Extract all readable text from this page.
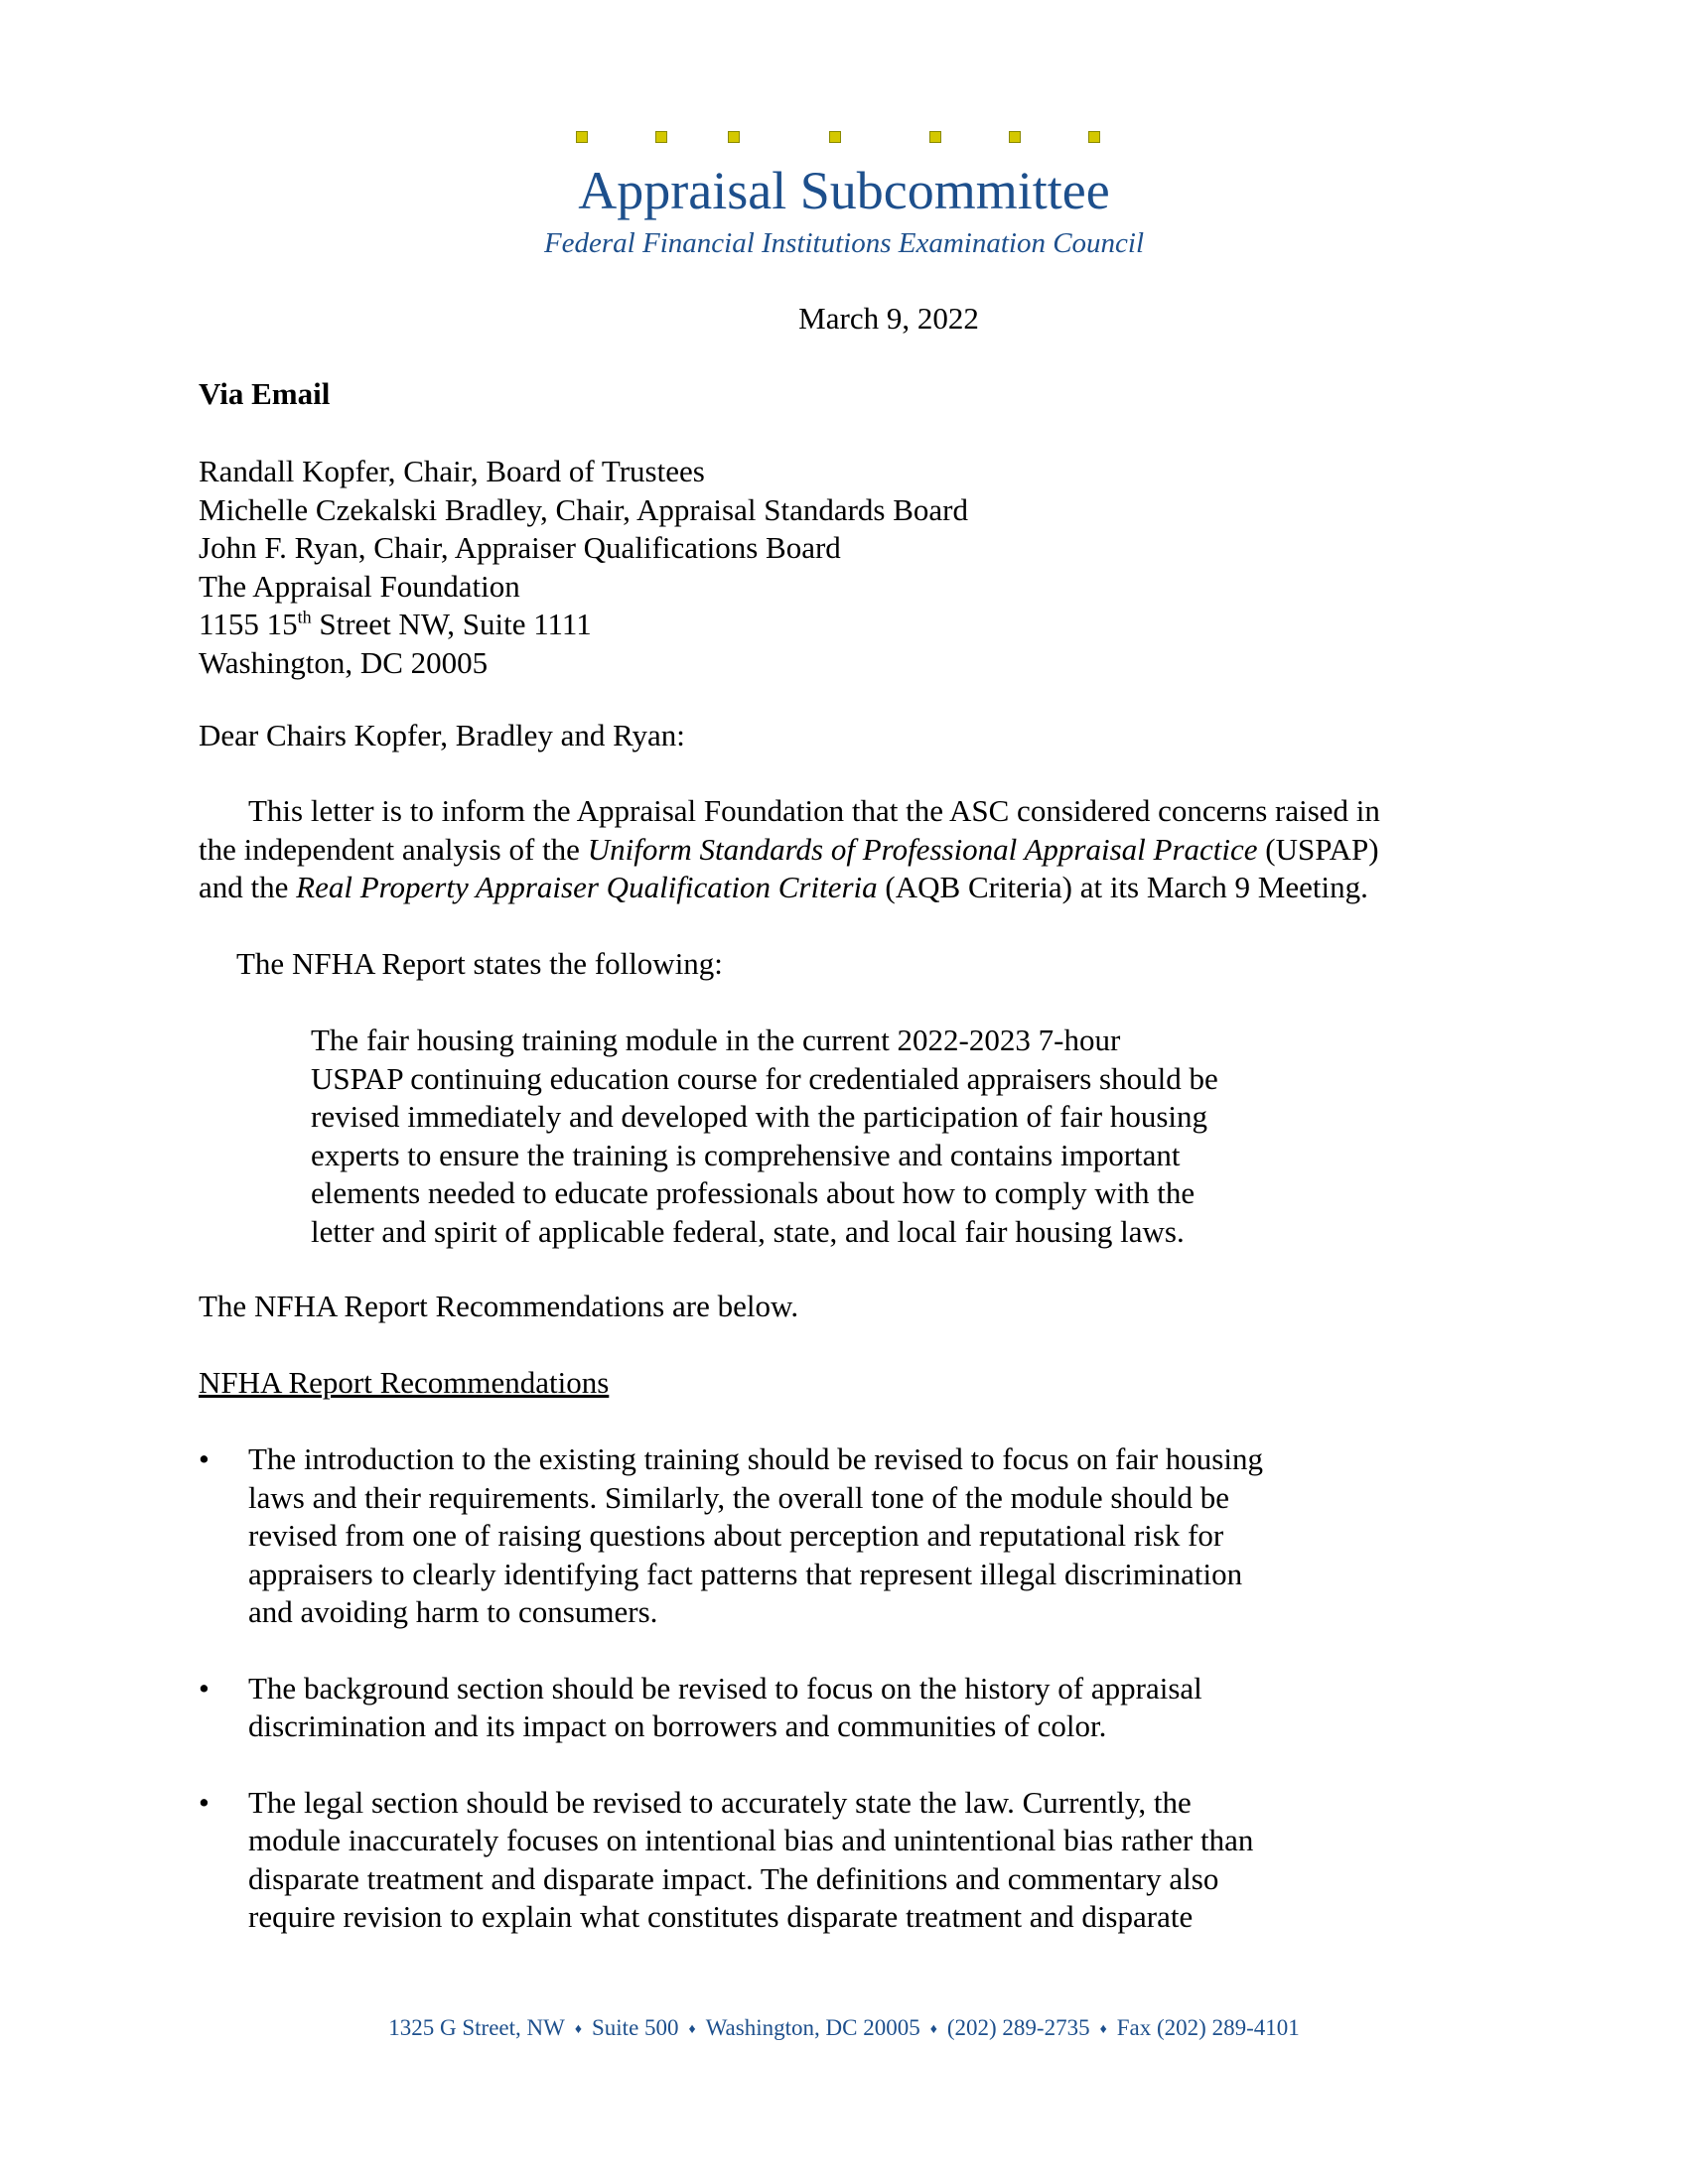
Appraisal Subcommittee
Federal Financial Institutions Examination Council
March 9, 2022
Via Email
Randall Kopfer, Chair, Board of Trustees
Michelle Czekalski Bradley, Chair, Appraisal Standards Board
John F. Ryan, Chair, Appraiser Qualifications Board
The Appraisal Foundation
1155 15th Street NW, Suite 1111
Washington, DC 20005
Dear Chairs Kopfer, Bradley and Ryan:
This letter is to inform the Appraisal Foundation that the ASC considered concerns raised in
the independent analysis of the Uniform Standards of Professional Appraisal Practice (USPAP)
and the Real Property Appraiser Qualification Criteria (AQB Criteria) at its March 9 Meeting.
The NFHA Report states the following:
The fair housing training module in the current 2022-2023 7-hour
USPAP continuing education course for credentialed appraisers should be
revised immediately and developed with the participation of fair housing
experts to ensure the training is comprehensive and contains important
elements needed to educate professionals about how to comply with the
letter and spirit of applicable federal, state, and local fair housing laws.
The NFHA Report Recommendations are below.
NFHA Report Recommendations
•	The introduction to the existing training should be revised to focus on fair housing
laws and their requirements. Similarly, the overall tone of the module should be
revised from one of raising questions about perception and reputational risk for
appraisers to clearly identifying fact patterns that represent illegal discrimination
and avoiding harm to consumers.
•	The background section should be revised to focus on the history of appraisal
discrimination and its impact on borrowers and communities of color.
•	The legal section should be revised to accurately state the law. Currently, the
module inaccurately focuses on intentional bias and unintentional bias rather than
disparate treatment and disparate impact. The definitions and commentary also
require revision to explain what constitutes disparate treatment and disparate
1325 G Street, NW ♦ Suite 500 ♦ Washington, DC 20005 ♦ (202) 289-2735 ♦ Fax (202) 289-4101
